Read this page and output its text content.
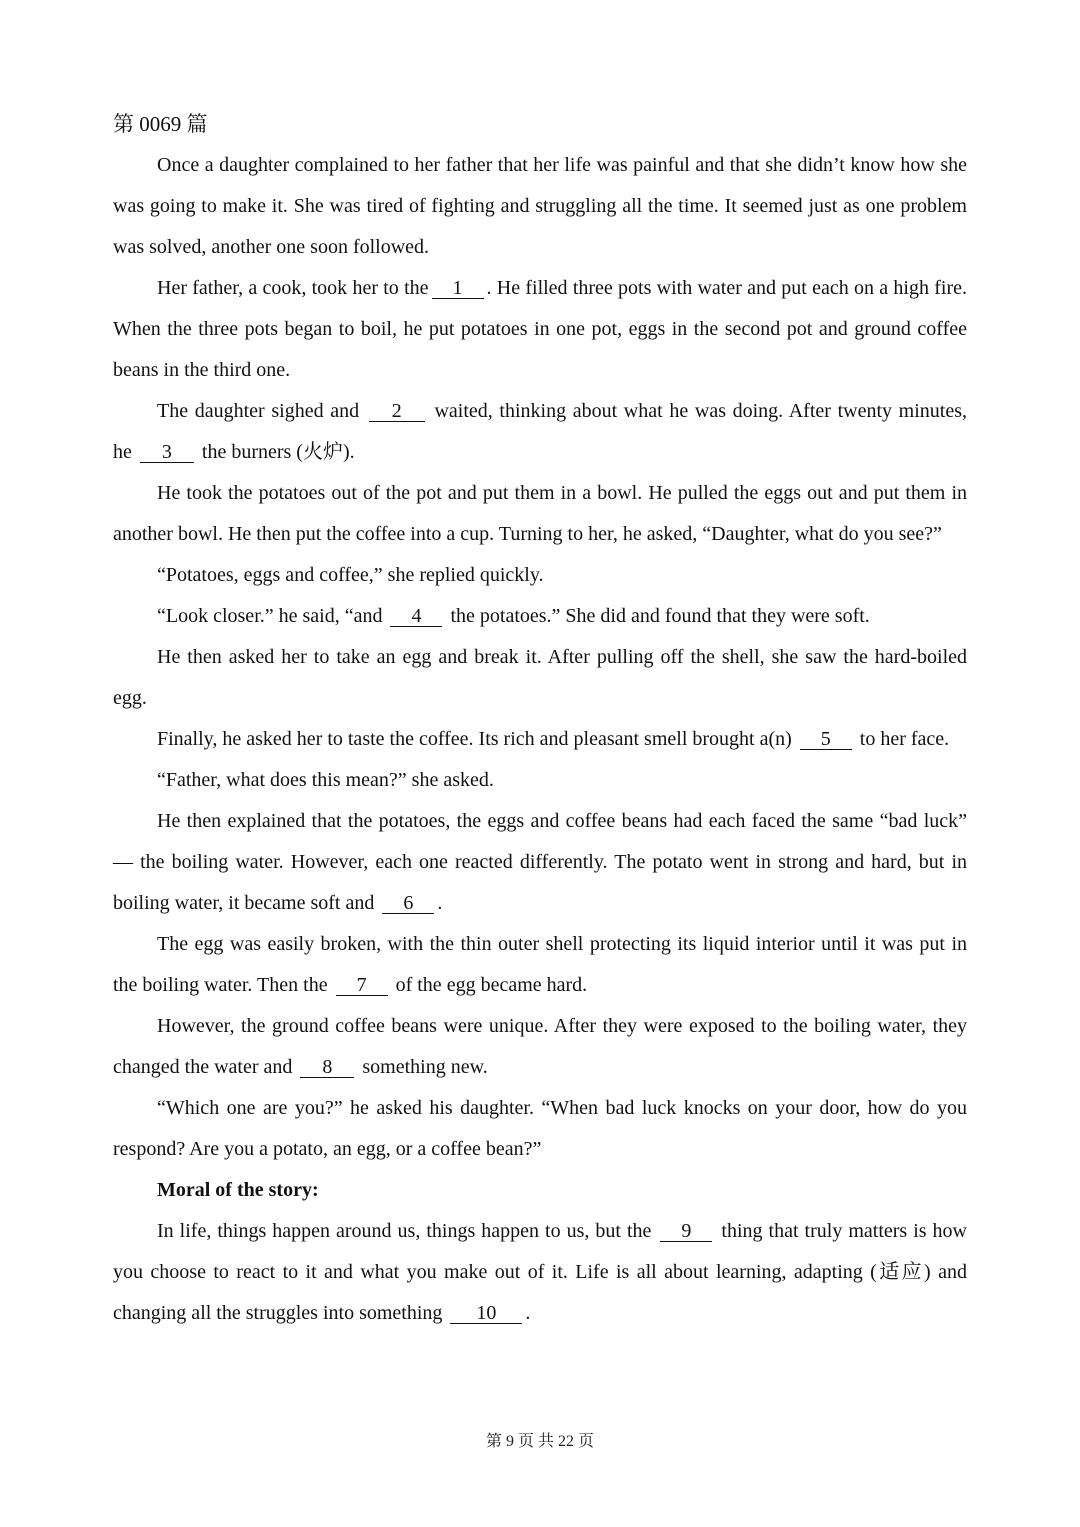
第 0069 篇

Once a daughter complained to her father that her life was painful and that she didn’t know how she was going to make it. She was tired of fighting and struggling all the time. It seemed just as one problem was solved, another one soon followed.

Her father, a cook, took her to the 1 . He filled three pots with water and put each on a high fire. When the three pots began to boil, he put potatoes in one pot, eggs in the second pot and ground coffee beans in the third one.

The daughter sighed and 2 waited, thinking about what he was doing. After twenty minutes, he 3 the burners (火炉).

He took the potatoes out of the pot and put them in a bowl. He pulled the eggs out and put them in another bowl. He then put the coffee into a cup. Turning to her, he asked, “Daughter, what do you see?”

“Potatoes, eggs and coffee,” she replied quickly.

“Look closer.” he said, “and 4 the potatoes.” She did and found that they were soft.

He then asked her to take an egg and break it. After pulling off the shell, she saw the hard-boiled egg.

Finally, he asked her to taste the coffee. Its rich and pleasant smell brought a(n) 5 to her face.

“Father, what does this mean?” she asked.

He then explained that the potatoes, the eggs and coffee beans had each faced the same “bad luck” — the boiling water. However, each one reacted differently. The potato went in strong and hard, but in boiling water, it became soft and 6 .

The egg was easily broken, with the thin outer shell protecting its liquid interior until it was put in the boiling water. Then the 7 of the egg became hard.

However, the ground coffee beans were unique. After they were exposed to the boiling water, they changed the water and 8 something new.

“Which one are you?” he asked his daughter. “When bad luck knocks on your door, how do you respond? Are you a potato, an egg, or a coffee bean?”

Moral of the story:

In life, things happen around us, things happen to us, but the 9 thing that truly matters is how you choose to react to it and what you make out of it. Life is all about learning, adapting (适应) and changing all the struggles into something 10 .

第 9 页 共 22 页
